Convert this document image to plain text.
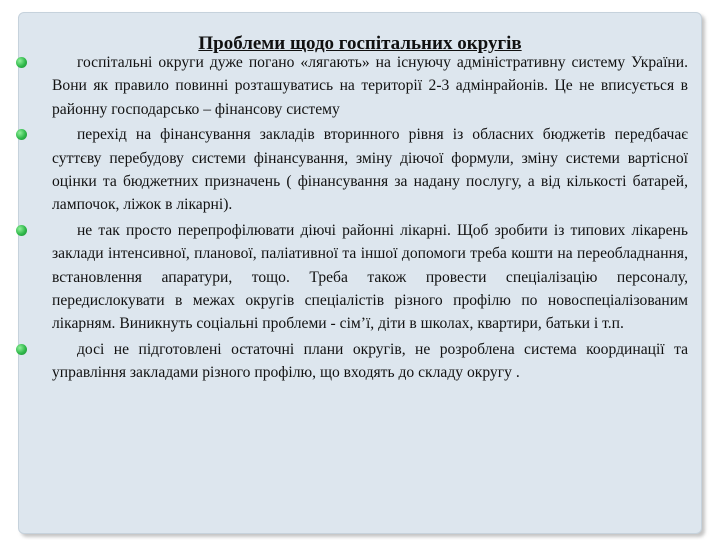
Проблеми щодо госпітальних округів
госпітальні округи дуже погано «лягають» на існуючу адміністративну систему України. Вони як правило повинні розташуватись на території 2-3 адмінрайонів. Це не вписується в районну господарсько – фінансову систему
перехід на фінансування закладів вторинного рівня із обласних бюджетів передбачає суттєву перебудову системи фінансування, зміну діючої формули, зміну системи вартісної оцінки та бюджетних призначень ( фінансування за надану послугу, а від кількості батарей, лампочок, ліжок в лікарні).
не так просто перепрофілювати діючі районні лікарні. Щоб зробити із типових лікарень заклади інтенсивної, планової, паліативної та іншої допомоги треба кошти на переобладнання, встановлення апаратури, тощо. Треба також провести спеціалізацію персоналу, передислокувати в межах округів спеціалістів різного профілю по новоспеціалізованим лікарням. Виникнуть соціальні проблеми - сім’ї, діти в школах, квартири, батьки і т.п.
досі не підготовлені остаточні плани округів, не розроблена система координації та управління закладами різного профілю, що входять до складу округу .
